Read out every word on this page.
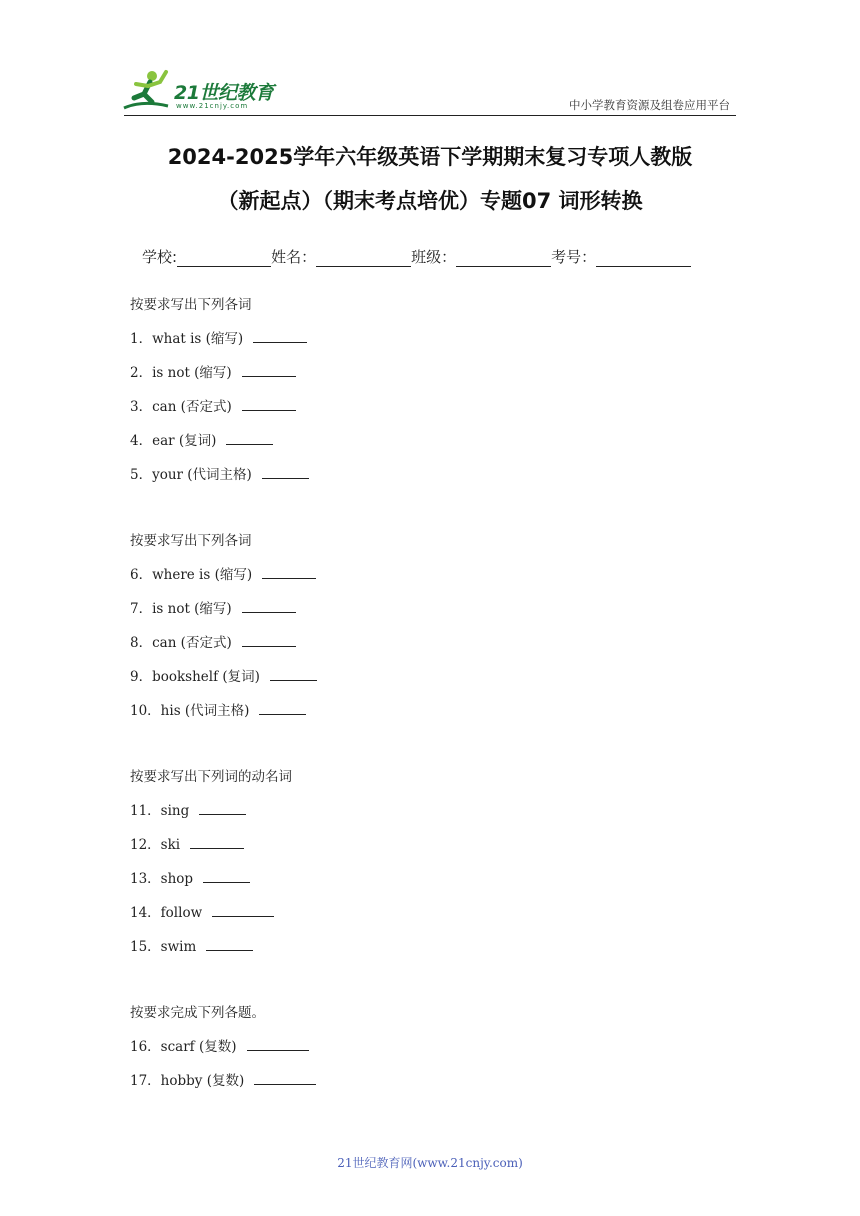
21世纪教育
www.21cnjy.com	中小学教育资源及组卷应用平台
2024-2025学年六年级英语下学期期末复习专项人教版
（新起点）（期末考点培优）专题07 词形转换
学校:	姓名：	班级：	考号：
按要求写出下列各词
1．what is (缩写)
2．is not (缩写)
3．can (否定式)
4．ear (复词)
5．your (代词主格)
按要求写出下列各词
6．where is (缩写)
7．is not (缩写)
8．can (否定式)
9．bookshelf (复词)
10．his (代词主格)
按要求写出下列词的动名词
11．sing
12．ski
13．shop
14．follow
15．swim
按要求完成下列各题。
16．scarf (复数)
17．hobby (复数)
21世纪教育网(www.21cnjy.com)
